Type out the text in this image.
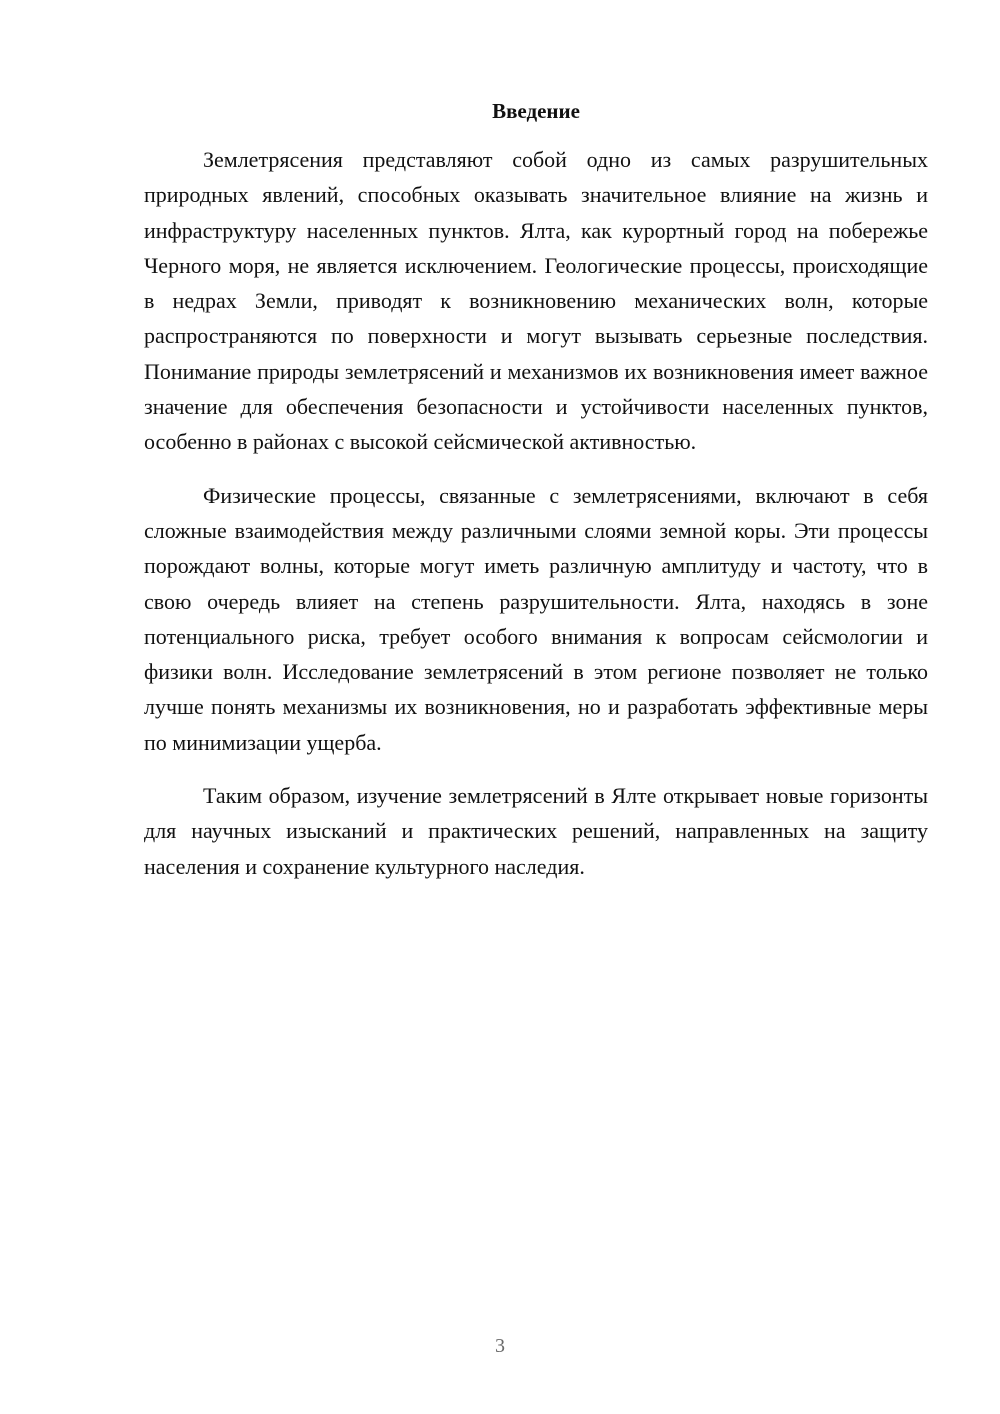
Введение

Землетрясения представляют собой одно из самых разрушительных природных явлений, способных оказывать значительное влияние на жизнь и инфраструктуру населенных пунктов. Ялта, как курортный город на побережье Черного моря, не является исключением. Геологические процессы, происходящие в недрах Земли, приводят к возникновению механических волн, которые распространяются по поверхности и могут вызывать серьезные последствия. Понимание природы землетрясений и механизмов их возникновения имеет важное значение для обеспечения безопасности и устойчивости населенных пунктов, особенно в районах с высокой сейсмической активностью.

Физические процессы, связанные с землетрясениями, включают в себя сложные взаимодействия между различными слоями земной коры. Эти процессы порождают волны, которые могут иметь различную амплитуду и частоту, что в свою очередь влияет на степень разрушительности. Ялта, находясь в зоне потенциального риска, требует особого внимания к вопросам сейсмологии и физики волн. Исследование землетрясений в этом регионе позволяет не только лучше понять механизмы их возникновения, но и разработать эффективные меры по минимизации ущерба.

Таким образом, изучение землетрясений в Ялте открывает новые горизонты для научных изысканий и практических решений, направленных на защиту населения и сохранение культурного наследия.

3
